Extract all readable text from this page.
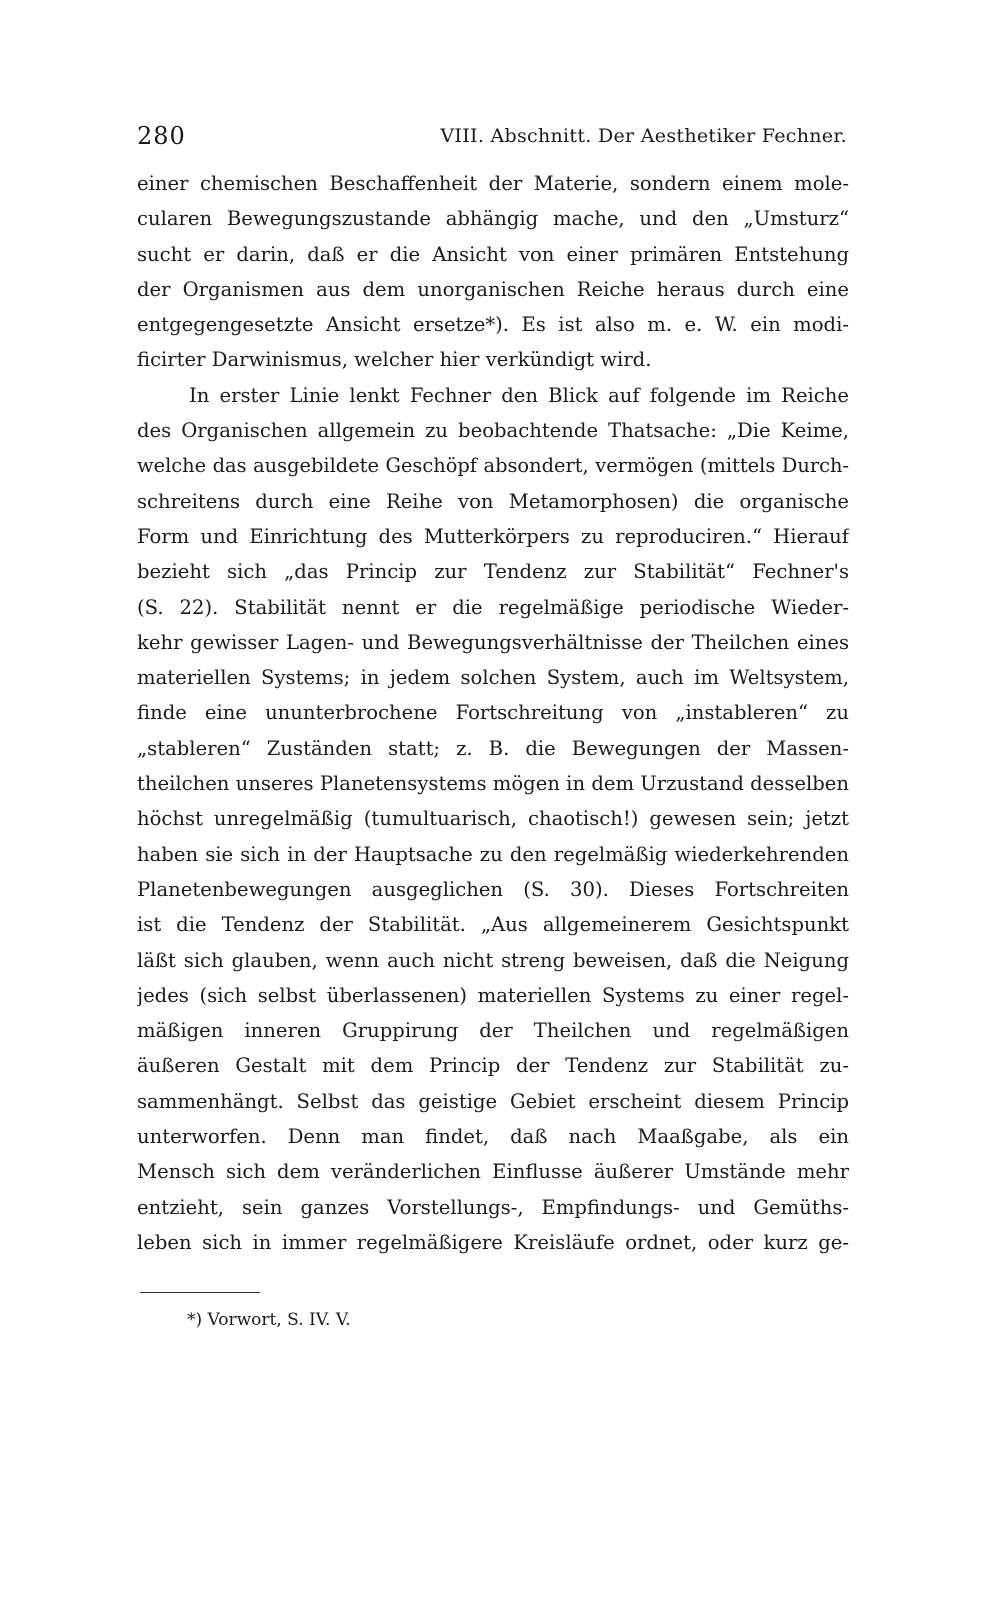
280	VIII. Abschnitt. Der Aesthetiker Fechner.
einer chemischen Beschaffenheit der Materie, sondern einem mole-
cularen Bewegungszustande abhängig mache, und den „Umsturz“
sucht er darin, daß er die Ansicht von einer primären Entstehung
der Organismen aus dem unorganischen Reiche heraus durch eine
entgegengesetzte Ansicht ersetze*). Es ist also m. e. W. ein modi-
ficirter Darwinismus, welcher hier verkündigt wird.
In erster Linie lenkt Fechner den Blick auf folgende im Reiche
des Organischen allgemein zu beobachtende Thatsache: „Die Keime,
welche das ausgebildete Geschöpf absondert, vermögen (mittels Durch-
schreitens durch eine Reihe von Metamorphosen) die organische
Form und Einrichtung des Mutterkörpers zu reproduciren.“ Hierauf
bezieht sich „das Princip zur Tendenz zur Stabilität“ Fechner's
(S. 22). Stabilität nennt er die regelmäßige periodische Wieder-
kehr gewisser Lagen- und Bewegungsverhältnisse der Theilchen eines
materiellen Systems; in jedem solchen System, auch im Weltsystem,
finde eine ununterbrochene Fortschreitung von „instableren“ zu
„stableren“ Zuständen statt; z. B. die Bewegungen der Massen-
theilchen unseres Planetensystems mögen in dem Urzustand desselben
höchst unregelmäßig (tumultuarisch, chaotisch!) gewesen sein; jetzt
haben sie sich in der Hauptsache zu den regelmäßig wiederkehrenden
Planetenbewegungen ausgeglichen (S. 30). Dieses Fortschreiten
ist die Tendenz der Stabilität. „Aus allgemeinerem Gesichtspunkt
läßt sich glauben, wenn auch nicht streng beweisen, daß die Neigung
jedes (sich selbst überlassenen) materiellen Systems zu einer regel-
mäßigen inneren Gruppirung der Theilchen und regelmäßigen
äußeren Gestalt mit dem Princip der Tendenz zur Stabilität zu-
sammenhängt. Selbst das geistige Gebiet erscheint diesem Princip
unterworfen. Denn man findet, daß nach Maaßgabe, als ein
Mensch sich dem veränderlichen Einflusse äußerer Umstände mehr
entzieht, sein ganzes Vorstellungs-, Empfindungs- und Gemüths-
leben sich in immer regelmäßigere Kreisläufe ordnet, oder kurz ge-
*) Vorwort, S. IV. V.
